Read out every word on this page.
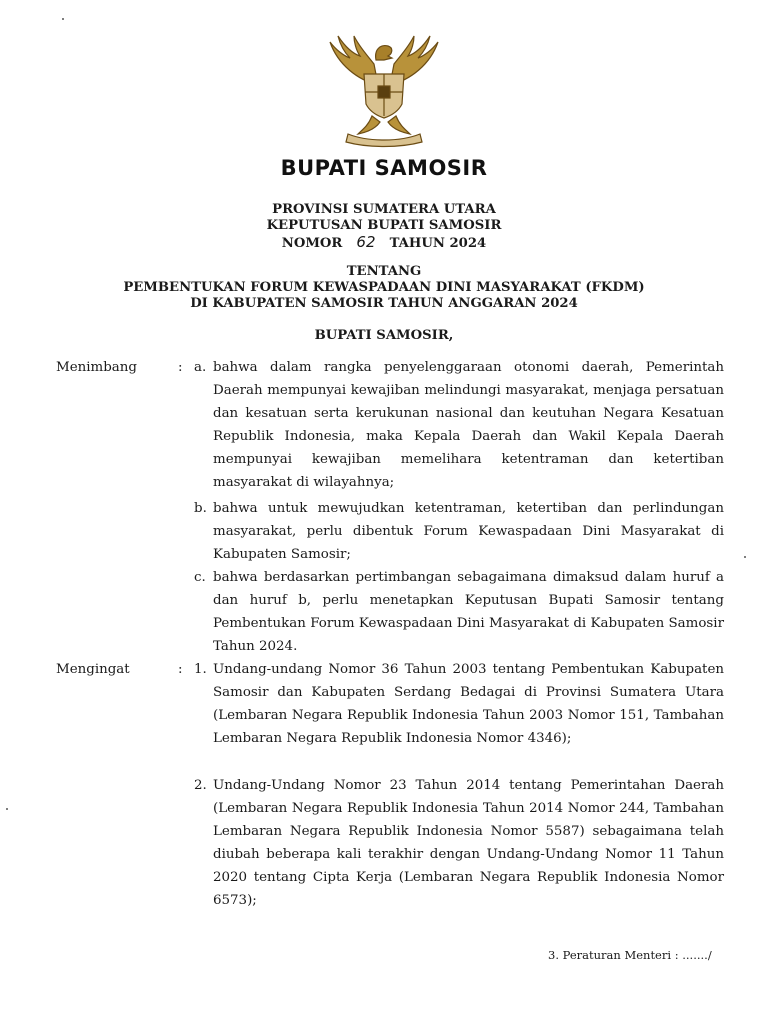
BUPATI SAMOSIR
PROVINSI SUMATERA UTARA
KEPUTUSAN BUPATI SAMOSIR
NOMOR 62 TAHUN 2024
TENTANG
PEMBENTUKAN FORUM KEWASPADAAN DINI MASYARAKAT (FKDM)
DI KABUPATEN SAMOSIR TAHUN ANGGARAN 2024
BUPATI SAMOSIR,
Menimbang	: a. bahwa dalam rangka penyelenggaraan otonomi daerah, Pemerintah Daerah mempunyai kewajiban melindungi masyarakat, menjaga persatuan dan kesatuan serta kerukunan nasional dan keutuhan Negara Kesatuan Republik Indonesia, maka Kepala Daerah dan Wakil Kepala Daerah mempunyai kewajiban memelihara ketentraman dan ketertiban masyarakat di wilayahnya;
b. bahwa untuk mewujudkan ketentraman, ketertiban dan perlindungan masyarakat, perlu dibentuk Forum Kewaspadaan Dini Masyarakat di Kabupaten Samosir;
c. bahwa berdasarkan pertimbangan sebagaimana dimaksud dalam huruf a dan huruf b, perlu menetapkan Keputusan Bupati Samosir tentang Pembentukan Forum Kewaspadaan Dini Masyarakat di Kabupaten Samosir Tahun 2024.
Mengingat	: 1. Undang-undang Nomor 36 Tahun 2003 tentang Pembentukan Kabupaten Samosir dan Kabupaten Serdang Bedagai di Provinsi Sumatera Utara (Lembaran Negara Republik Indonesia Tahun 2003 Nomor 151, Tambahan Lembaran Negara Republik Indonesia Nomor 4346);
2. Undang-Undang Nomor 23 Tahun 2014 tentang Pemerintahan Daerah (Lembaran Negara Republik Indonesia Tahun 2014 Nomor 244, Tambahan Lembaran Negara Republik Indonesia Nomor 5587) sebagaimana telah diubah beberapa kali terakhir dengan Undang-Undang Nomor 11 Tahun 2020 tentang Cipta Kerja (Lembaran Negara Republik Indonesia Nomor 6573);
3. Peraturan Menteri : ......./
